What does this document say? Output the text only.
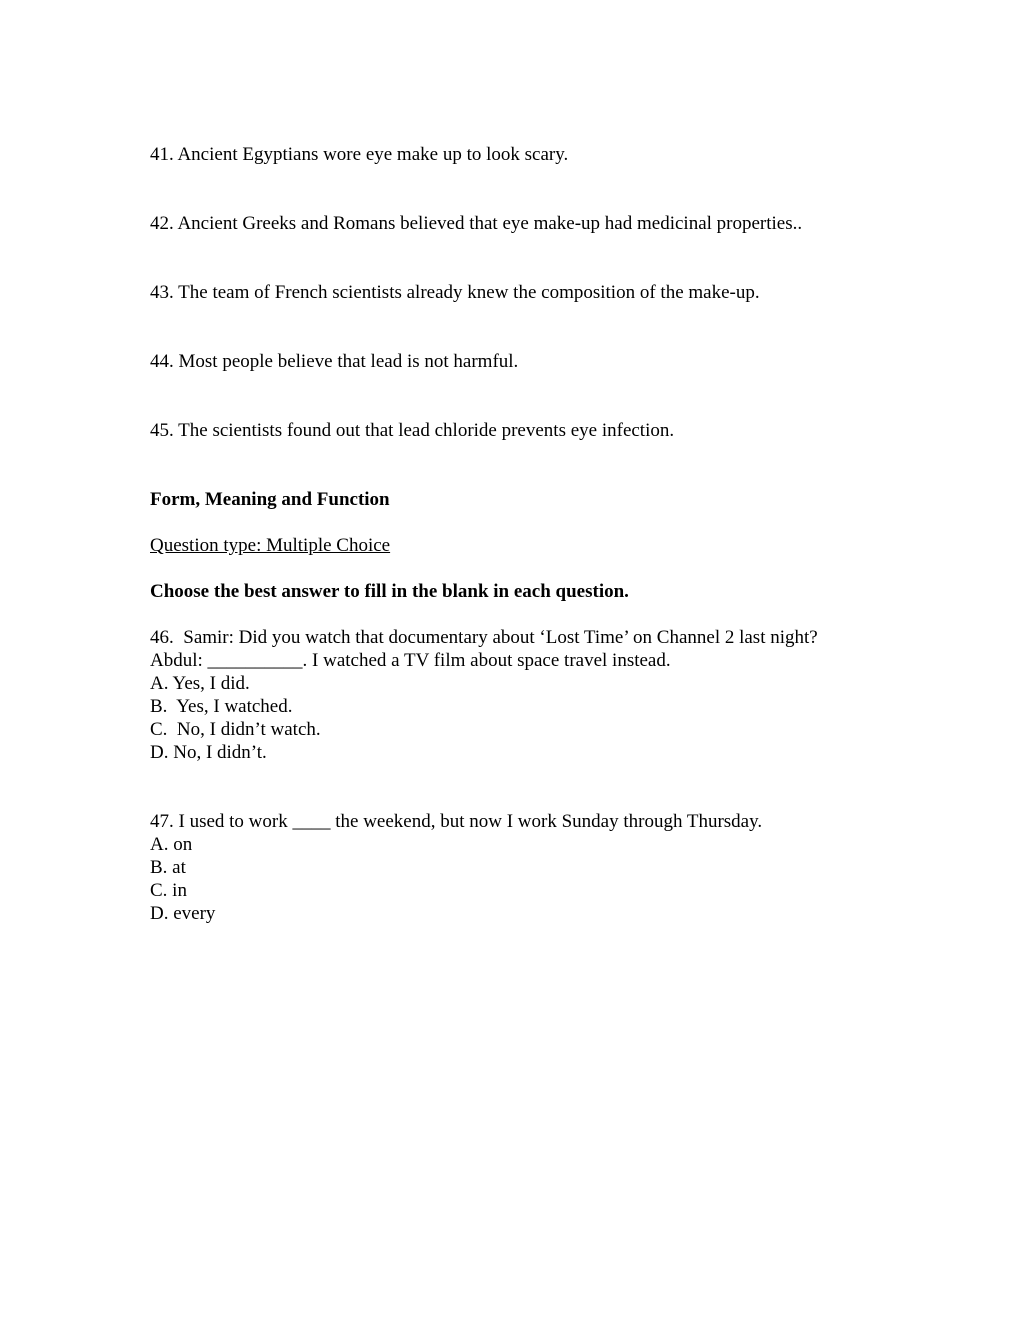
41. Ancient Egyptians wore eye make up to look scary.
42. Ancient Greeks and Romans believed that eye make-up had medicinal properties..
43. The team of French scientists already knew the composition of the make-up.
44. Most people believe that lead is not harmful.
45. The scientists found out that lead chloride prevents eye infection.
Form, Meaning and Function
Question type: Multiple Choice
Choose the best answer to fill in the blank in each question.
46.  Samir: Did you watch that documentary about ‘Lost Time’ on Channel 2 last night?
Abdul: __________. I watched a TV film about space travel instead.
A. Yes, I did.
B.  Yes, I watched.
C.  No, I didn’t watch.
D. No, I didn’t.
47. I used to work ____ the weekend, but now I work Sunday through Thursday.
A. on
B. at
C. in
D. every
